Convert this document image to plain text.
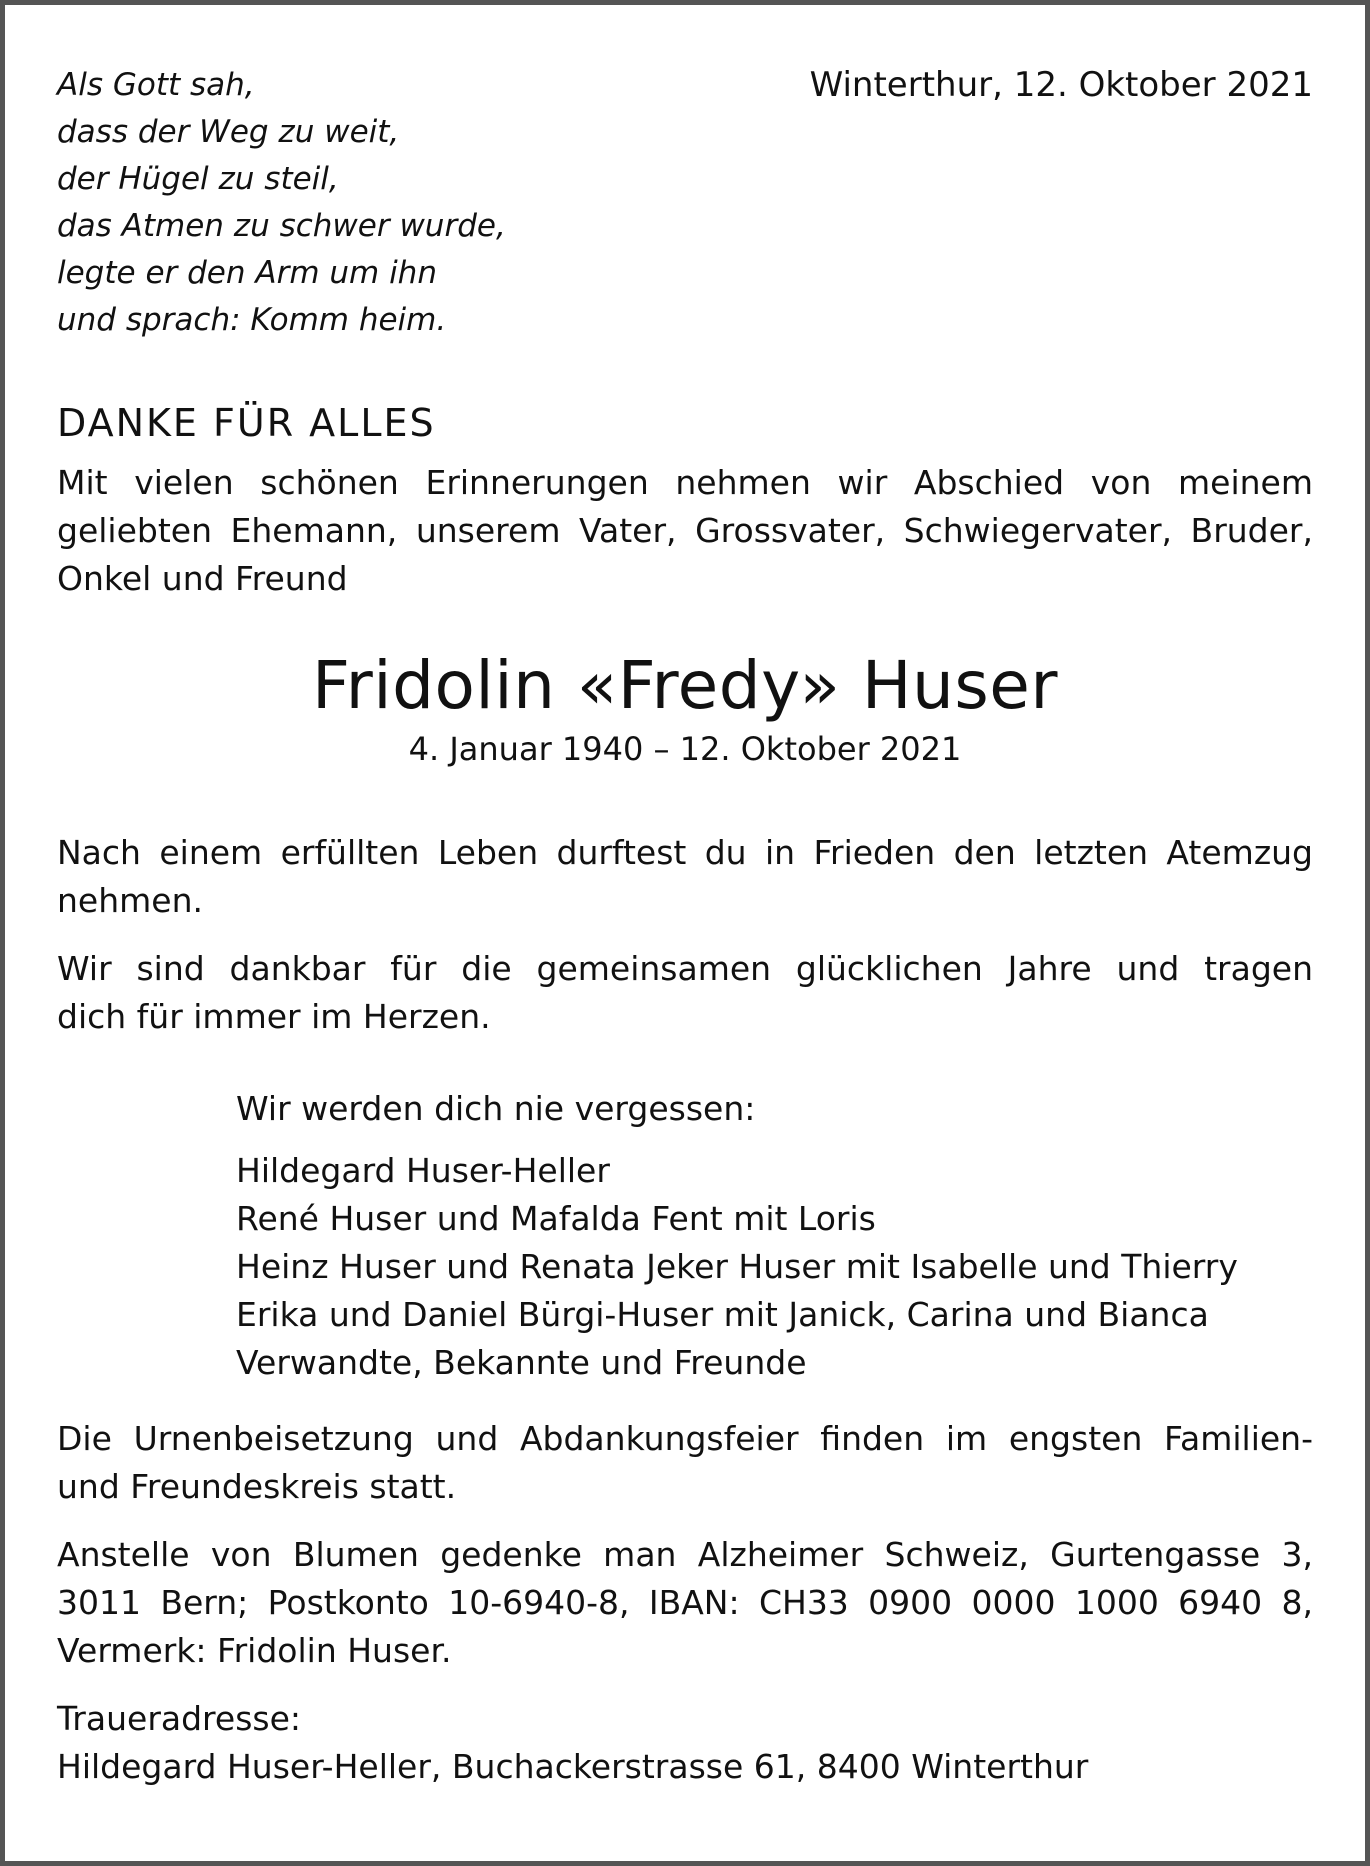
Als Gott sah,
dass der Weg zu weit,
der Hügel zu steil,
das Atmen zu schwer wurde,
legte er den Arm um ihn
und sprach: Komm heim.
Winterthur, 12. Oktober 2021
DANKE FÜR ALLES
Mit vielen schönen Erinnerungen nehmen wir Abschied von meinem
geliebten Ehemann, unserem Vater, Grossvater, Schwiegervater, Bruder,
Onkel und Freund
Fridolin «Fredy» Huser
4. Januar 1940 – 12. Oktober 2021
Nach einem erfüllten Leben durftest du in Frieden den letzten Atemzug
nehmen.
Wir sind dankbar für die gemeinsamen glücklichen Jahre und tragen
dich für immer im Herzen.
Wir werden dich nie vergessen:
Hildegard Huser-Heller
René Huser und Mafalda Fent mit Loris
Heinz Huser und Renata Jeker Huser mit Isabelle und Thierry
Erika und Daniel Bürgi-Huser mit Janick, Carina und Bianca
Verwandte, Bekannte und Freunde
Die Urnenbeisetzung und Abdankungsfeier finden im engsten Familien-
und Freundeskreis statt.
Anstelle von Blumen gedenke man Alzheimer Schweiz, Gurtengasse 3,
3011 Bern; Postkonto 10-6940-8, IBAN: CH33 0900 0000 1000 6940 8,
Vermerk: Fridolin Huser.
Traueradresse:
Hildegard Huser-Heller, Buchackerstrasse 61, 8400 Winterthur
